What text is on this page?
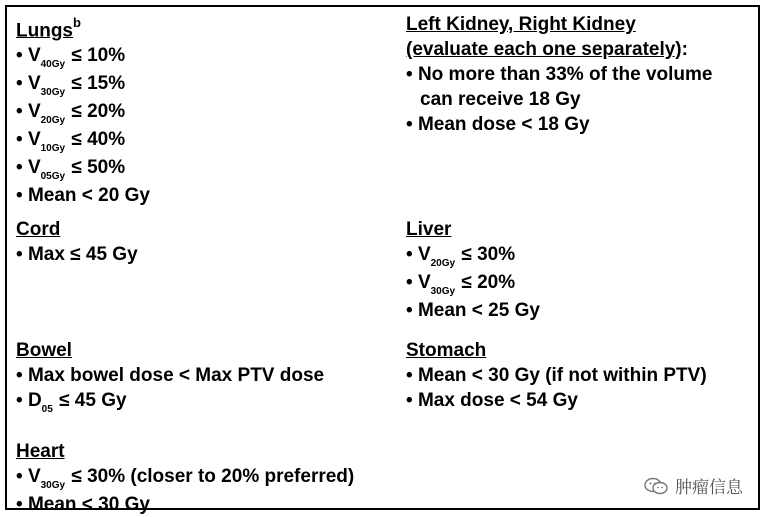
Lungs$^b$
• $V_{40Gy} \le 10\%$
• $V_{30Gy} \le 15\%$
• $V_{20Gy} \le 20\%$
• $V_{10Gy} \le 40\%$
• $V_{05Gy} \le 50\%$
• Mean < 20 Gy
Cord
• Max ≤ 45 Gy
Bowel
• Max bowel dose < Max PTV dose
• $D_{05} \le 45$ Gy
Heart
• $V_{30Gy} \le 30\%$ (closer to 20% preferred)
• Mean < 30 Gy
Left Kidney, Right Kidney
(evaluate each one separately):
• No more than 33% of the volume
can receive 18 Gy
• Mean dose < 18 Gy
Liver
• $V_{20Gy} \le 30\%$
• $V_{30Gy} \le 20\%$
• Mean < 25 Gy
Stomach
• Mean < 30 Gy (if not within PTV)
• Max dose < 54 Gy
肿瘤信息
